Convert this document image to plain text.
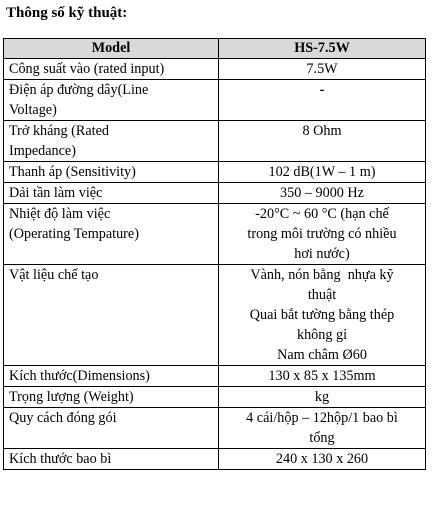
Thông số kỹ thuật:
Model	HS-7.5W
Công suất vào (rated input)	7.5W

Điện áp đường dây(Line
Voltage)	-

Trở kháng (Rated
Impedance)	8 Ohm

Thanh áp (Sensitivity)	102 dB(1W – 1 m)

Dải tần làm việc	350 – 9000 Hz

Nhiệt độ làm việc
(Operating Tempature)	-20°C ~ 60 °C (hạn chế
trong môi trường có nhiều
hơi nước)

Vật liệu chế tạo	Vành, nón bằng  nhựa kỹ
thuật
Quai bắt tường bằng thép
không gỉ
Nam châm Ø60

Kích thước(Dimensions)	130 x 85 x 135mm

Trọng lượng (Weight)	kg

Quy cách đóng gói	4 cái/hộp – 12hộp/1 bao bì
tổng

Kích thước bao bì	240 x 130 x 260
